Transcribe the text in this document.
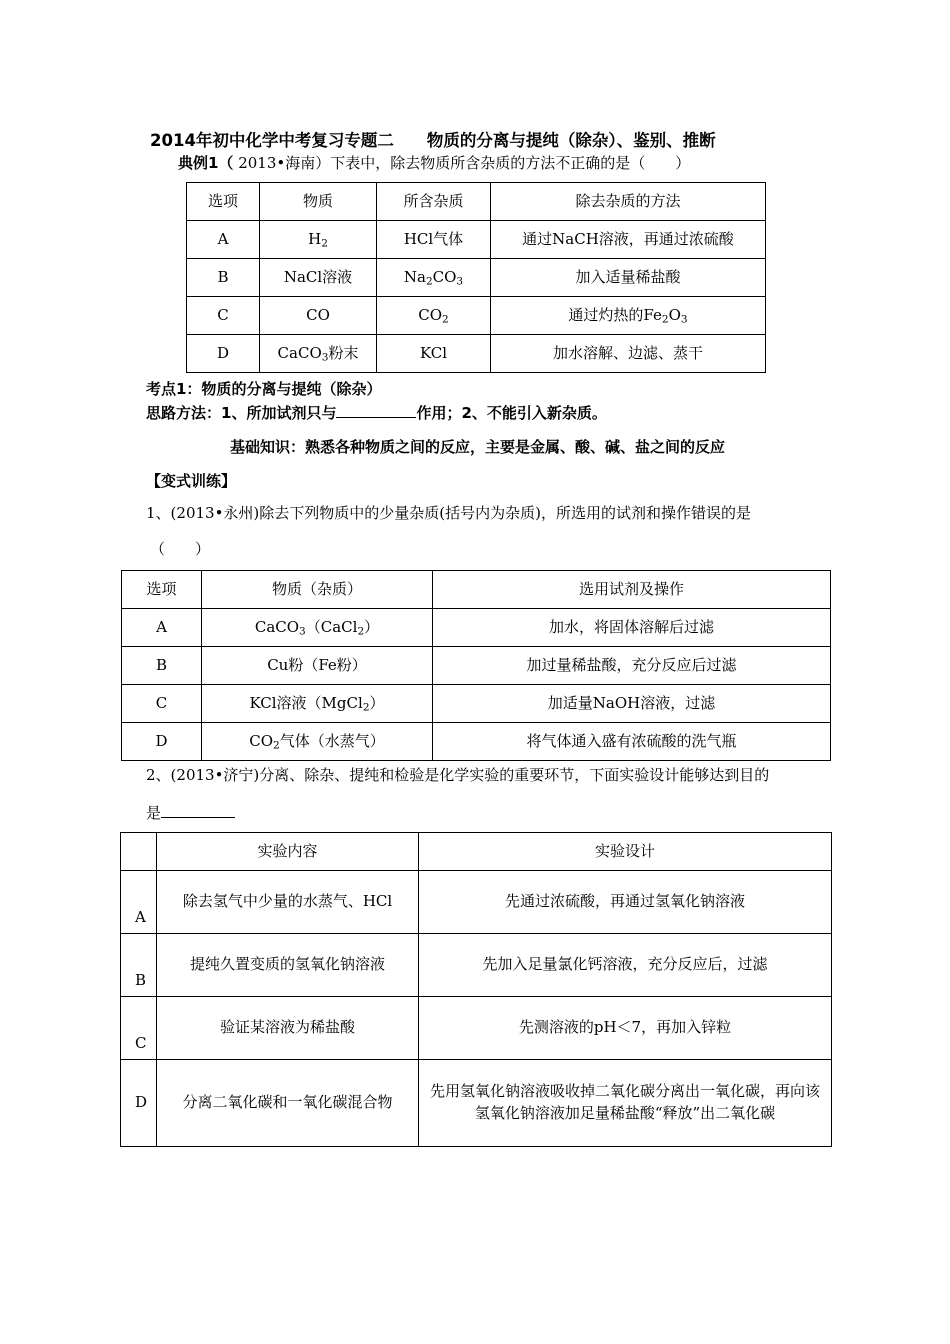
2014年初中化学中考复习专题二　　物质的分离与提纯（除杂）、鉴别、推断
典例1（ 2013•海南）下表中，除去物质所含杂质的方法不正确的是（　　）
选项	物质	所含杂质	除去杂质的方法
A	$H_2$	HCl气体	通过NaCH溶液，再通过浓硫酸
B	NaCl溶液	$Na_2CO_3$	加入适量稀盐酸
C	CO	$CO_2$	通过灼热的$Fe_2O_3$
D	CaCO$_3$粉末	KCl	加水溶解、边滤、蒸干
考点1：物质的分离与提纯（除杂）
思路方法：1、所加试剂只与	作用；2、不能引入新杂质。
基础知识：熟悉各种物质之间的反应，主要是金属、酸、碱、盐之间的反应
【变式训练】
1、(2013•永州)除去下列物质中的少量杂质(括号内为杂质)，所选用的试剂和操作错误的是
（　　）
选项	物质（杂质）	选用试剂及操作
A	CaCO$_3$（CaCl$_2$）	加水，将固体溶解后过滤
B	Cu粉（Fe粉）	加过量稀盐酸，充分反应后过滤
C	KCl溶液（MgCl$_2$）	加适量NaOH溶液，过滤
D	$CO_2$气体（水蒸气）	将气体通入盛有浓硫酸的洗气瓶
2、(2013•济宁)分离、除杂、提纯和检验是化学实验的重要环节，下面实验设计能够达到目的
是
	实验内容	实验设计
A	除去氢气中少量的水蒸气、HCl	先通过浓硫酸，再通过氢氧化钠溶液
B	提纯久置变质的氢氧化钠溶液	先加入足量氯化钙溶液，充分反应后，过滤
C	验证某溶液为稀盐酸	先测溶液的pH＜7，再加入锌粒
D	分离二氧化碳和一氧化碳混合物	先用氢氧化钠溶液吸收掉二氧化碳分离出一氧化碳，再向该氢氧化钠溶液加足量稀盐酸“释放”出二氧化碳
